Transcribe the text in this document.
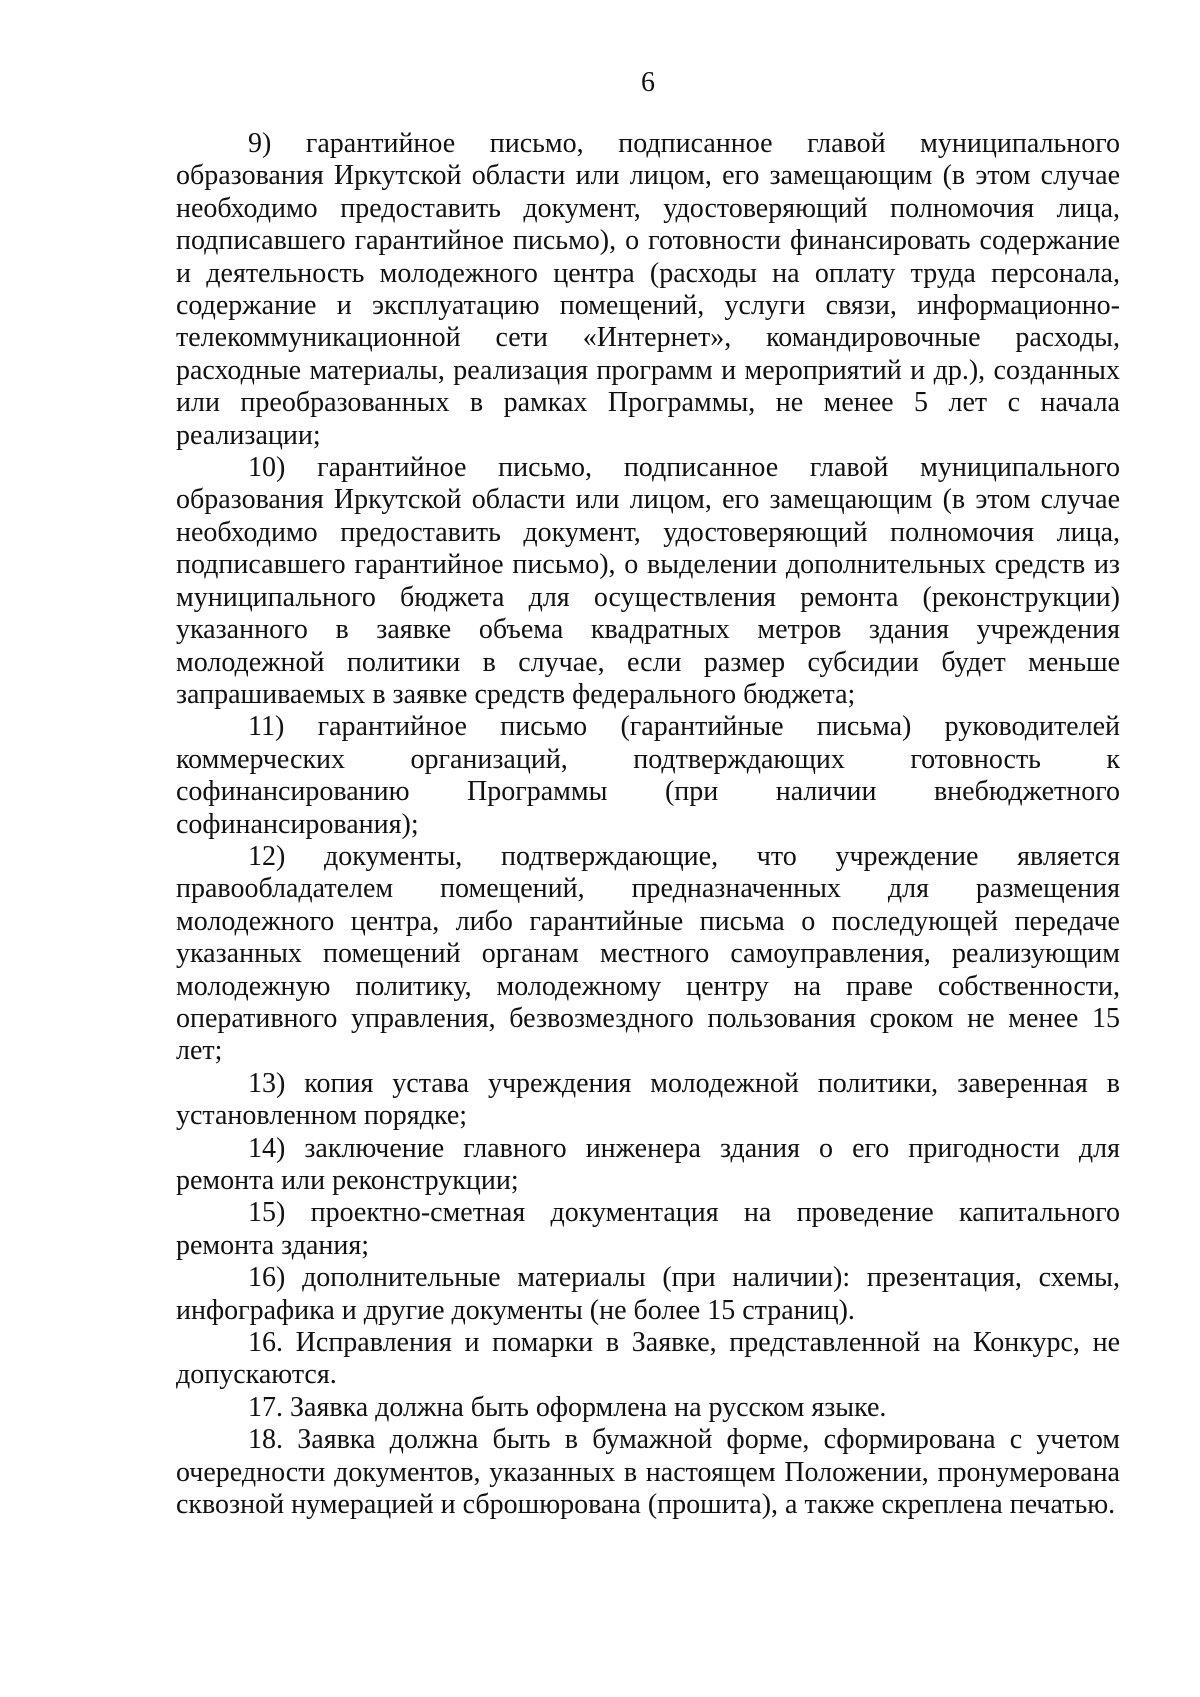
6

9) гарантийное письмо, подписанное главой муниципального образования Иркутской области или лицом, его замещающим (в этом случае необходимо предоставить документ, удостоверяющий полномочия лица, подписавшего гарантийное письмо), о готовности финансировать содержание и деятельность молодежного центра (расходы на оплату труда персонала, содержание и эксплуатацию помещений, услуги связи, информационно-телекоммуникационной сети «Интернет», командировочные расходы, расходные материалы, реализация программ и мероприятий и др.), созданных или преобразованных в рамках Программы, не менее 5 лет с начала реализации;

10) гарантийное письмо, подписанное главой муниципального образования Иркутской области или лицом, его замещающим (в этом случае необходимо предоставить документ, удостоверяющий полномочия лица, подписавшего гарантийное письмо), о выделении дополнительных средств из муниципального бюджета для осуществления ремонта (реконструкции) указанного в заявке объема квадратных метров здания учреждения молодежной политики в случае, если размер субсидии будет меньше запрашиваемых в заявке средств федерального бюджета;

11) гарантийное письмо (гарантийные письма) руководителей коммерческих организаций, подтверждающих готовность к софинансированию Программы (при наличии внебюджетного софинансирования);

12) документы, подтверждающие, что учреждение является правообладателем помещений, предназначенных для размещения молодежного центра, либо гарантийные письма о последующей передаче указанных помещений органам местного самоуправления, реализующим молодежную политику, молодежному центру на праве собственности, оперативного управления, безвозмездного пользования сроком не менее 15 лет;

13) копия устава учреждения молодежной политики, заверенная в установленном порядке;

14) заключение главного инженера здания о его пригодности для ремонта или реконструкции;

15) проектно-сметная документация на проведение капитального ремонта здания;

16) дополнительные материалы (при наличии): презентация, схемы, инфографика и другие документы (не более 15 страниц).

16. Исправления и помарки в Заявке, представленной на Конкурс, не допускаются.

17. Заявка должна быть оформлена на русском языке.

18. Заявка должна быть в бумажной форме, сформирована с учетом очередности документов, указанных в настоящем Положении, пронумерована сквозной нумерацией и сброшюрована (прошита), а также скреплена печатью.
